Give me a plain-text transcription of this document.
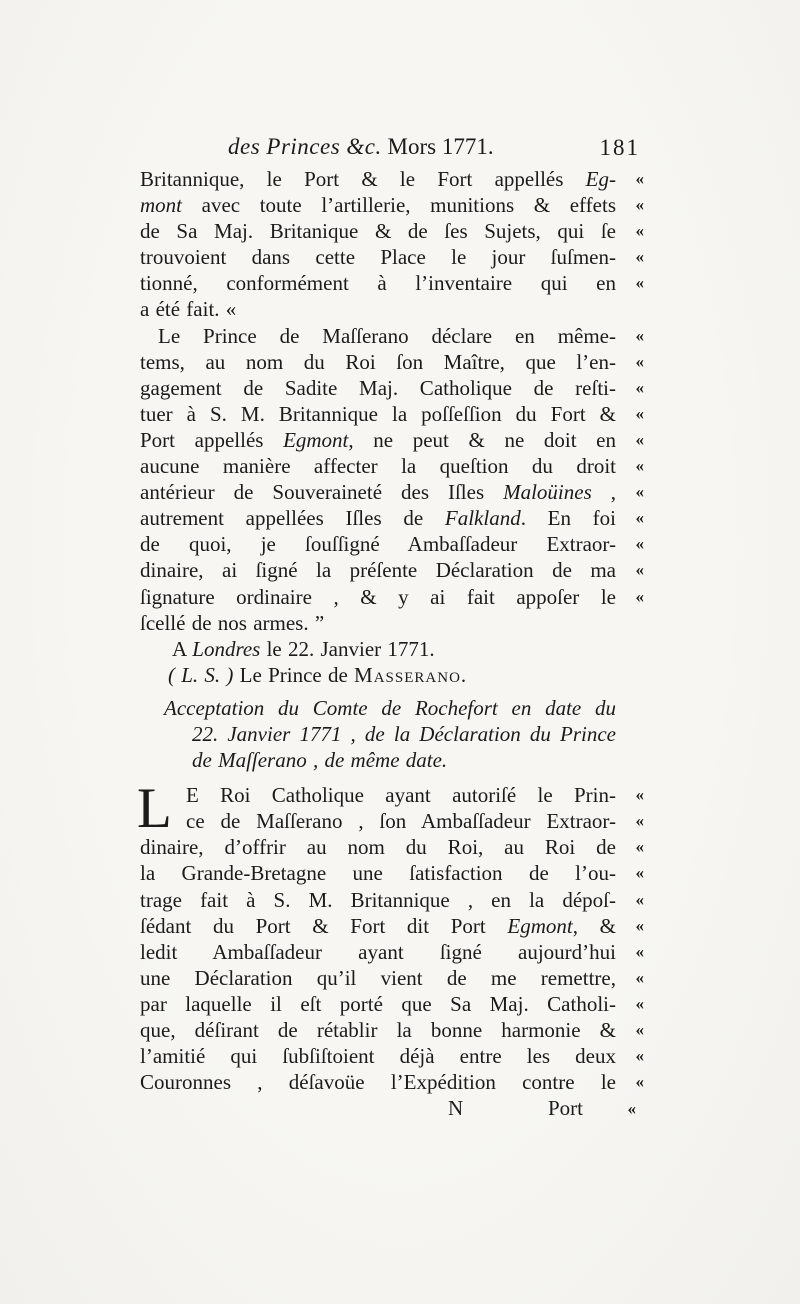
des Princes &c. Mors 1771.	181
Britannique, le Port & le Fort appellés Eg-	«
mont avec toute l’artillerie, munitions & effets	«
de Sa Maj. Britanique & de ſes Sujets, qui ſe	«
trouvoient dans cette Place le jour ſuſmen-	«
tionné, conformément à l’inventaire qui en	«
a été fait. «
Le Prince de Maſſerano déclare en même-	«
tems, au nom du Roi ſon Maître, que l’en-	«
gagement de Sadite Maj. Catholique de reſti-	«
tuer à S. M. Britannique la poſſeſſion du Fort &	«
Port appellés Egmont, ne peut & ne doit en	«
aucune manière affecter la queſtion du droit	«
antérieur de Souveraineté des Iſles Maloüines ,	«
autrement appellées Iſles de Falkland. En foi	«
de quoi, je ſouſſigné Ambaſſadeur Extraor-	«
dinaire, ai ſigné la préſente Déclaration de ma	«
ſignature ordinaire , & y ai fait appoſer le	«
ſcellé de nos armes. ”
A Londres le 22. Janvier 1771.
( L. S. ) Le Prince de Masserano.
Acceptation du Comte de Rochefort en date du
22. Janvier 1771 , de la Déclaration du Prince
de Maſſerano , de même date.
L E Roi Catholique ayant autoriſé le Prin-	«
ce de Maſſerano , ſon Ambaſſadeur Extraor-	«
dinaire, d’offrir au nom du Roi, au Roi de	«
la Grande-Bretagne une ſatisfaction de l’ou-	«
trage fait à S. M. Britannique , en la dépoſ-	«
ſédant du Port & Fort dit Port Egmont, &	«
ledit Ambaſſadeur ayant ſigné aujourd’hui	«
une Déclaration qu’il vient de me remettre,	«
par laquelle il eſt porté que Sa Maj. Catholi-	«
que, déſirant de rétablir la bonne harmonie &	«
l’amitié qui ſubſiſtoient déjà entre les deux	«
Couronnes , déſavoüe l’Expédition contre le	«
N	Port	«
